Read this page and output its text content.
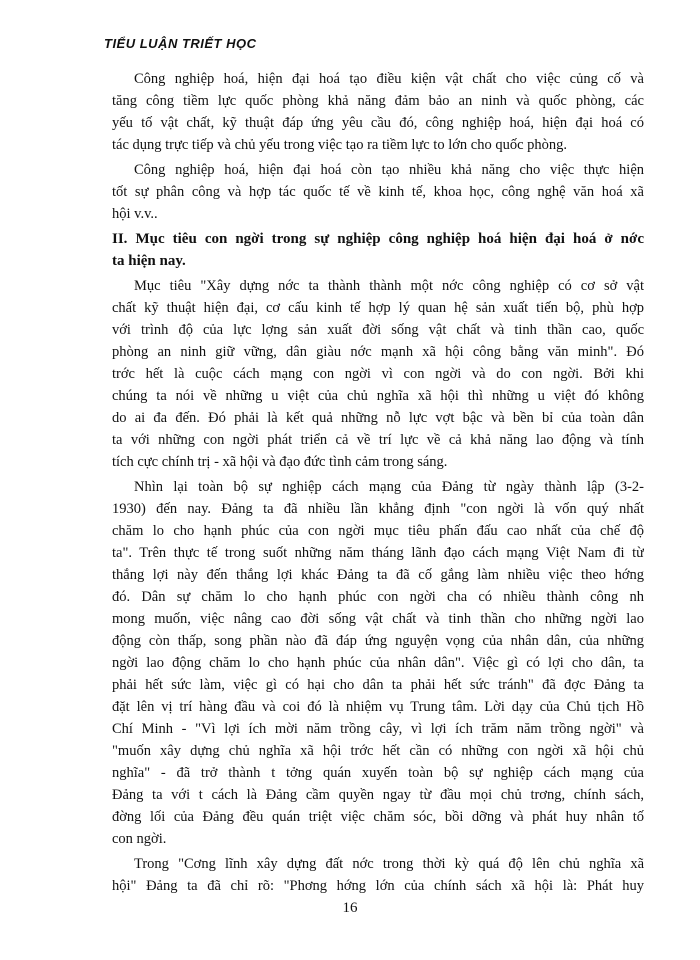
TIỂU LUẬN TRIẾT HỌC
Công nghiệp hoá, hiện đại hoá tạo điều kiện vật chất cho việc củng cố và
tăng công tiềm lực quốc phòng khả năng đảm bảo an ninh và quốc phòng, các
yếu tố vật chất, kỹ thuật đáp ứng yêu cầu đó, công nghiệp hoá, hiện đại hoá có
tác dụng trực tiếp và chủ yếu trong việc tạo ra tiềm lực to lớn cho quốc phòng.
Công nghiệp hoá, hiện đại hoá còn tạo nhiều khả năng cho việc thực hiện
tốt sự phân công và hợp tác quốc tế về kinh tế, khoa học, công nghệ văn hoá xã
hội v.v..
II. Mục tiêu con ngời trong sự nghiệp công nghiệp hoá hiện đại hoá ở nớc
ta hiện nay.
Mục tiêu "Xây dựng nớc ta thành thành một nớc công nghiệp có cơ sở vật
chất kỹ thuật hiện đại, cơ cấu kinh tế hợp lý quan hệ sản xuất tiến bộ, phù hợp
với trình độ của lực lợng sản xuất đời sống vật chất và tinh thần cao, quốc
phòng an ninh giữ vững, dân giàu nớc mạnh xã hội công bằng văn minh". Đó
trớc hết là cuộc cách mạng con ngời vì con ngời và do con ngời. Bởi khi
chúng ta nói về những u việt của chủ nghĩa xã hội thì những u việt đó không
do ai đa đến. Đó phải là kết quả những nỗ lực vợt bậc và bền bỉ của toàn dân
ta với những con ngời phát triển cả về trí lực về cả khả năng lao động và tính
tích cực chính trị - xã hội và đạo đức tình cảm trong sáng.
Nhìn lại toàn bộ sự nghiệp cách mạng của Đảng từ ngày thành lập (3-2-
1930) đến nay. Đảng ta đã nhiều lần khẳng định "con ngời là vốn quý nhất
chăm lo cho hạnh phúc của con ngời mục tiêu phấn đấu cao nhất của chế độ
ta". Trên thực tế trong suốt những năm tháng lãnh đạo cách mạng Việt Nam đi từ
thắng lợi này đến thắng lợi khác Đảng ta đã cố gắng làm nhiều việc theo hớng
đó. Dân sự chăm lo cho hạnh phúc con ngời cha có nhiều thành công nh
mong muốn, việc nâng cao đời sống vật chất và tinh thần cho những ngời lao
động còn thấp, song phần nào đã đáp ứng nguyện vọng của nhân dân, của những
ngời lao động chăm lo cho hạnh phúc của nhân dân". Việc gì có lợi cho dân, ta
phải hết sức làm, việc gì có hại cho dân ta phải hết sức tránh" đã đợc Đảng ta
đặt lên vị trí hàng đầu và coi đó là nhiệm vụ Trung tâm. Lời dạy của Chủ tịch Hồ
Chí Minh - "Vì lợi ích mời năm trồng cây, vì lợi ích trăm năm trồng ngời" và
"muốn xây dựng chủ nghĩa xã hội trớc hết cần có những con ngời xã hội chủ
nghĩa" - đã trở thành t tởng quán xuyến toàn bộ sự nghiệp cách mạng của
Đảng ta với t cách là Đảng cầm quyền ngay từ đầu mọi chủ trơng, chính sách,
đờng lối của Đảng đều quán triệt việc chăm sóc, bồi dỡng và phát huy nhân tố
con ngời.
Trong "Cơng lĩnh xây dựng đất nớc trong thời kỳ quá độ lên chủ nghĩa xã
hội" Đảng ta đã chỉ rõ: "Phơng hớng lớn của chính sách xã hội là: Phát huy
16
